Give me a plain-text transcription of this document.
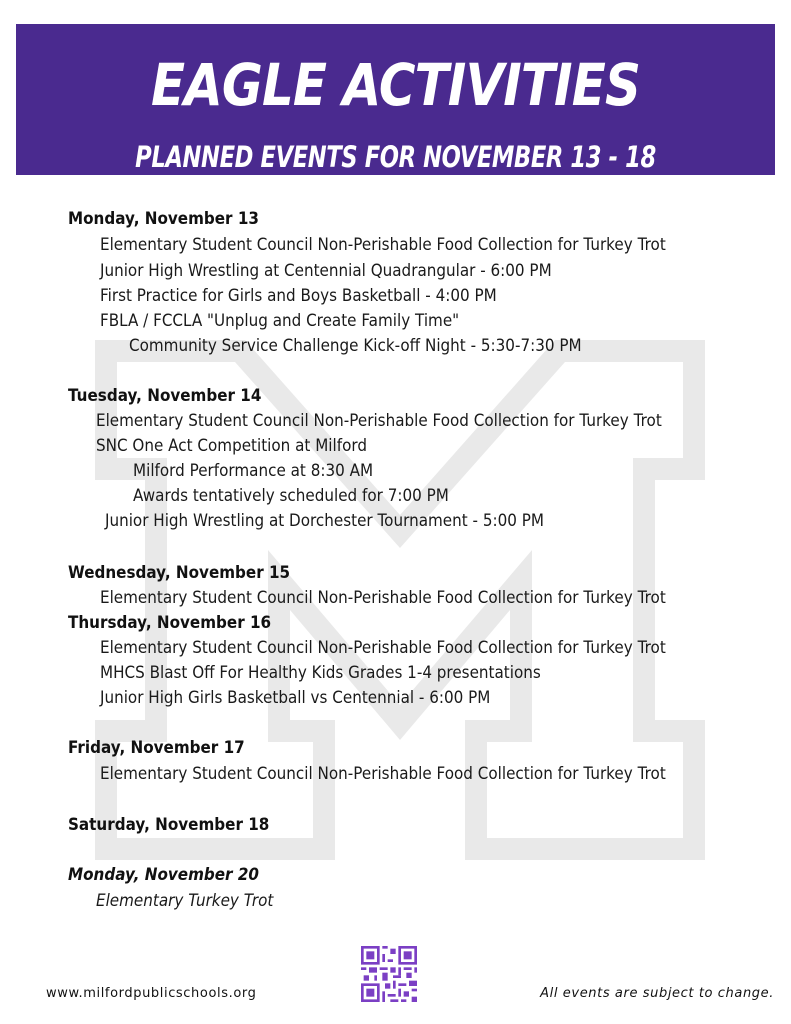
EAGLE ACTIVITIES
PLANNED EVENTS FOR NOVEMBER 13 - 18
Monday, November 13
Elementary Student Council Non-Perishable Food Collection for Turkey Trot
Junior High Wrestling at Centennial Quadrangular - 6:00 PM
First Practice for Girls and Boys Basketball - 4:00 PM
FBLA / FCCLA "Unplug and Create Family Time"
Community Service Challenge Kick-off Night - 5:30-7:30 PM
Tuesday, November 14
Elementary Student Council Non-Perishable Food Collection for Turkey Trot
SNC One Act Competition at Milford
Milford Performance at 8:30 AM
Awards tentatively scheduled for 7:00 PM
Junior High Wrestling at Dorchester Tournament - 5:00 PM
Wednesday, November 15
Elementary Student Council Non-Perishable Food Collection for Turkey Trot
Thursday, November 16
Elementary Student Council Non-Perishable Food Collection for Turkey Trot
MHCS Blast Off For Healthy Kids Grades 1-4 presentations
Junior High Girls Basketball vs Centennial - 6:00 PM
Friday, November 17
Elementary Student Council Non-Perishable Food Collection for Turkey Trot
Saturday, November 18
Monday, November 20
Elementary Turkey Trot
www.milfordpublicschools.org	All events are subject to change.
